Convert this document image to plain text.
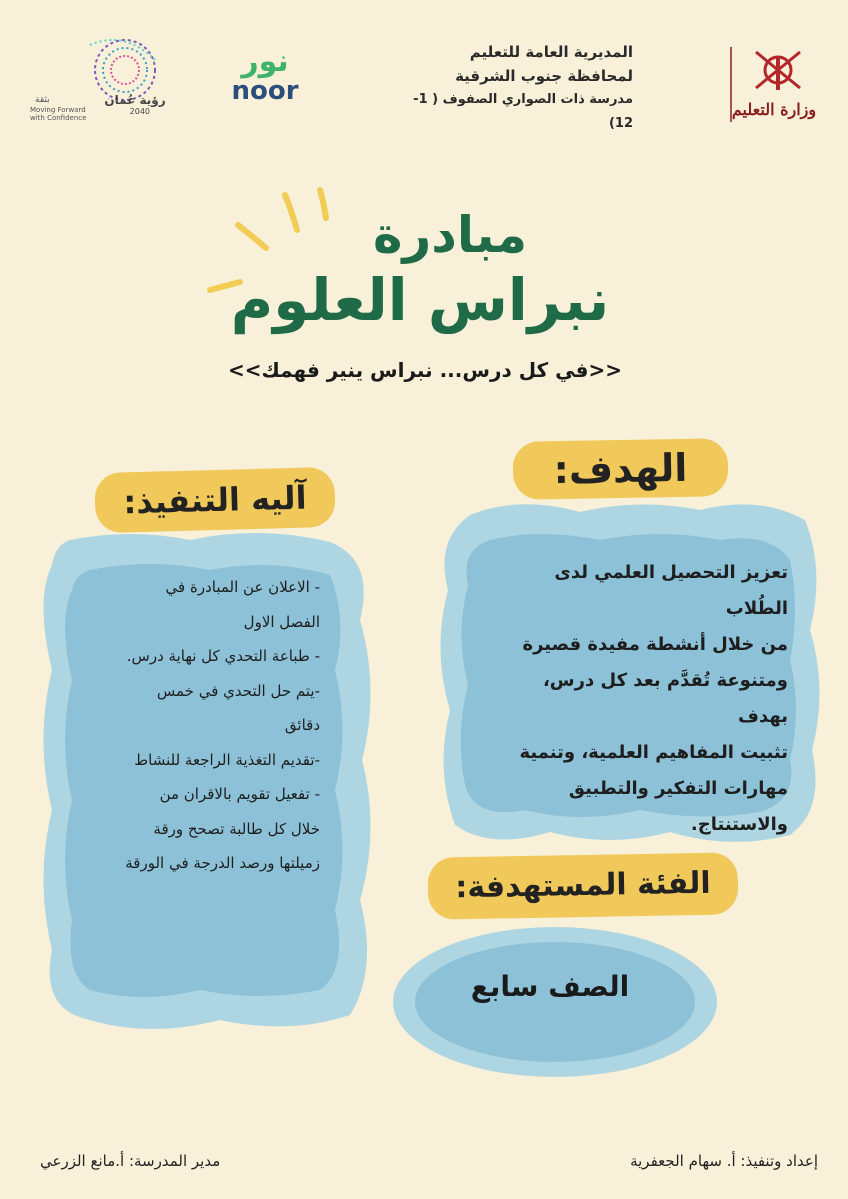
وزارة التعليم
المديرية العامة للتعليم
لمحافظة جنوب الشرقية
مدرسة ذات الصواري الصفوف ( 1-12)
نور
noor
رؤية عُمان
2040
بثقة
Moving Forward
with Confidence
مبادرة
نبراس العلوم
<<في كل درس... نبراس ينير فهمك>>
الهدف:
تعزيز التحصيل العلمي لدى الطُلاب
من خلال أنشطة مفيدة قصيرة
ومتنوعة تُقدَّم بعد كل درس، بهدف
تثبيت المفاهيم العلمية، وتنمية
مهارات التفكير والتطبيق والاستنتاج.
آليه التنفيذ:
- الاعلان عن المبادرة في
الفصل الاول
- طباعة التحدي كل نهاية درس.
-يتم حل التحدي في خمس
دقائق
-تقديم التغذية الراجعة للنشاط
- تفعيل تقويم بالاقران من
خلال كل طالبة تصحح ورقة
زميلتها ورصد الدرجة في الورقة
الفئة المستهدفة:
الصف سابع
إعداد وتنفيذ: أ. سهام الجعفرية
مدير المدرسة: أ.مانع الزرعي
